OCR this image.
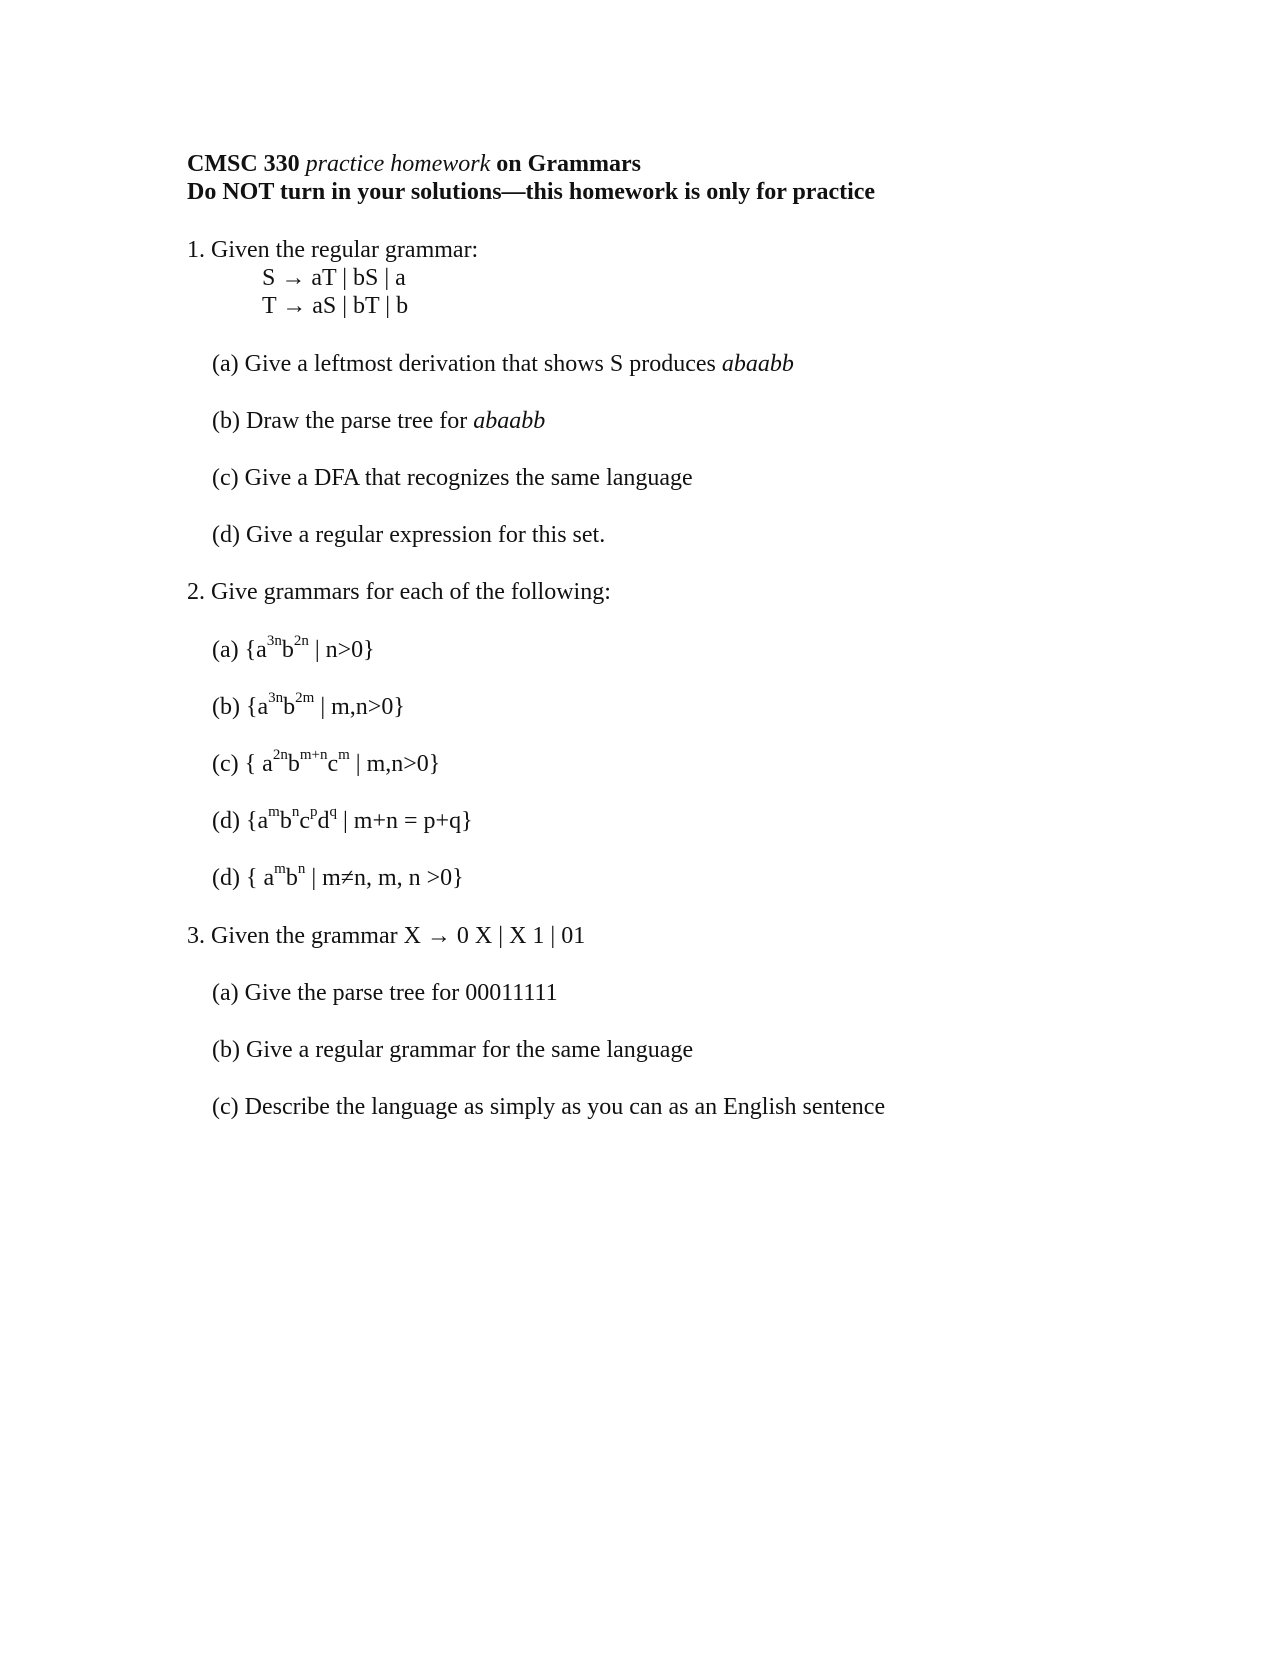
CMSC 330 practice homework on Grammars
Do NOT turn in your solutions—this homework is only for practice
1. Given the regular grammar:
S → aT | bS | a
T → aS | bT | b
(a) Give a leftmost derivation that shows S produces abaabb
(b) Draw the parse tree for abaabb
(c) Give a DFA that recognizes the same language
(d) Give a regular expression for this set.
2. Give grammars for each of the following:
(a) {$a^{3n}b^{2n}$ | n>0}
(b) {$a^{3n}b^{2m}$ | m,n>0}
(c) { $a^{2n}b^{m+n}c^m$ | m,n>0}
(d) {$a^mb^nc^pd^q$ | m+n = p+q}
(d) { $a^mb^n$ | m≠n, m, n >0}
3. Given the grammar X → 0 X | X 1 | 01
(a) Give the parse tree for 00011111
(b) Give a regular grammar for the same language
(c) Describe the language as simply as you can as an English sentence
